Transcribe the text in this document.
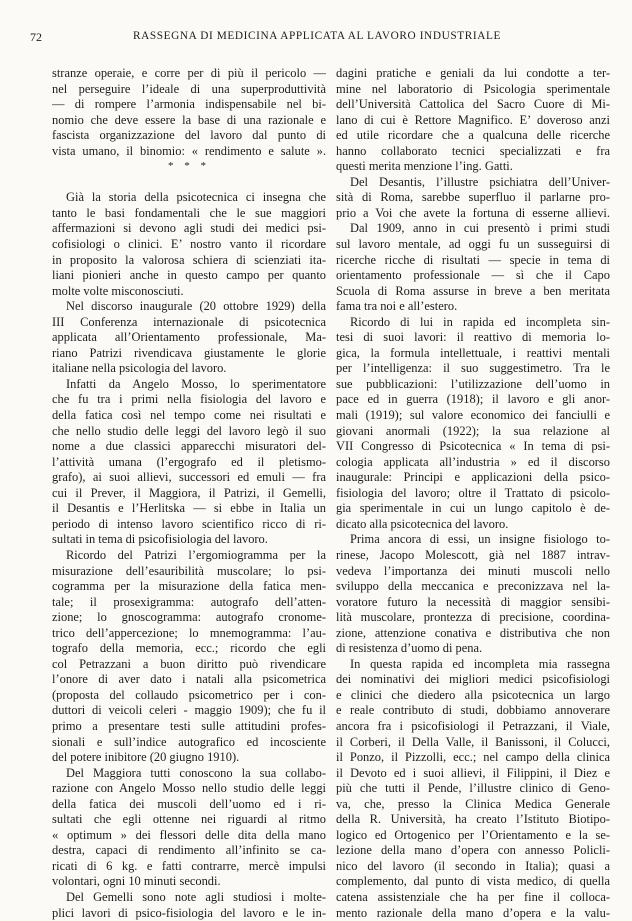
72	RASSEGNA DI MEDICINA APPLICATA AL LAVORO INDUSTRIALE
stranze operaie, e corre per di più il pericolo —
nel perseguire l’ideale di una superproduttività
— di rompere l’armonia indispensabile nel bi-
nomio che deve essere la base di una razionale e
fascista organizzazione del lavoro dal punto di
vista umano, il binomio: « rendimento e salute ».
* * *
Già la storia della psicotecnica ci insegna che
tanto le basi fondamentali che le sue maggiori
affermazioni si devono agli studi dei medici psi-
cofisiologi o clinici. E’ nostro vanto il ricordare
in proposito la valorosa schiera di scienziati ita-
liani pionieri anche in questo campo per quanto
molte volte misconosciuti.
Nel discorso inaugurale (20 ottobre 1929) della
III Conferenza internazionale di psicotecnica
applicata all’Orientamento professionale, Ma-
riano Patrizi rivendicava giustamente le glorie
italiane nella psicologia del lavoro.
Infatti da Angelo Mosso, lo sperimentatore
che fu tra i primi nella fisiologia del lavoro e
della fatica così nel tempo come nei risultati e
che nello studio delle leggi del lavoro legò il suo
nome a due classici apparecchi misuratori del-
l’attività umana (l’ergografo ed il pletismo-
grafo), ai suoi allievi, successori ed emuli — fra
cui il Prever, il Maggiora, il Patrizi, il Gemelli,
il Desantis e l’Herlitska — si ebbe in Italia un
periodo di intenso lavoro scientifico ricco di ri-
sultati in tema di psicofisiologia del lavoro.
Ricordo del Patrizi l’ergomiogramma per la
misurazione dell’esauribilità muscolare; lo psi-
cogramma per la misurazione della fatica men-
tale; il prosexigramma: autografo dell’atten-
zione; lo gnoscogramma: autografo cronome-
trico dell’appercezione; lo mnemogramma: l’au-
tografo della memoria, ecc.; ricordo che egli
col Petrazzani a buon diritto può rivendicare
l’onore di aver dato i natali alla psicometrica
(proposta del collaudo psicometrico per i con-
duttori di veicoli celeri - maggio 1909); che fu il
primo a presentare testi sulle attitudini profes-
sionali e sull’indice autografico ed incosciente
del potere inibitore (20 giugno 1910).
Del Maggiora tutti conoscono la sua collabo-
razione con Angelo Mosso nello studio delle leggi
della fatica dei muscoli dell’uomo ed i ri-
sultati che egli ottenne nei riguardi al ritmo
« optimum » dei flessori delle dita della mano
destra, capaci di rendimento all’infinito se ca-
ricati di 6 kg. e fatti contrarre, mercè impulsi
volontari, ogni 10 minuti secondi.
Del Gemelli sono note agli studiosi i molte-
plici lavori di psico-fisiologia del lavoro e le in-
dagini pratiche e geniali da lui condotte a ter-
mine nel laboratorio di Psicologia sperimentale
dell’Università Cattolica del Sacro Cuore di Mi-
lano di cui è Rettore Magnifico. E’ doveroso anzi
ed utile ricordare che a qualcuna delle ricerche
hanno collaborato tecnici specializzati e fra
questi merita menzione l’ing. Gatti.
Del Desantis, l’illustre psichiatra dell’Univer-
sità di Roma, sarebbe superfluo il parlarne pro-
prio a Voi che avete la fortuna di esserne allievi.
Dal 1909, anno in cui presentò i primi studi
sul lavoro mentale, ad oggi fu un susseguirsi di
ricerche ricche di risultati — specie in tema di
orientamento professionale — sì che il Capo
Scuola di Roma assurse in breve a ben meritata
fama tra noi e all’estero.
Ricordo di lui in rapida ed incompleta sin-
tesi di suoi lavori: il reattivo di memoria lo-
gica, la formula intellettuale, i reattivi mentali
per l’intelligenza: il suo suggestimetro. Tra le
sue pubblicazioni: l’utilizzazione dell’uomo in
pace ed in guerra (1918); il lavoro e gli anor-
mali (1919); sul valore economico dei fanciulli e
giovani anormali (1922); la sua relazione al
VII Congresso di Psicotecnica « In tema di psi-
cologia applicata all’industria » ed il discorso
inaugurale: Principi e applicazioni della psico-
fisiologia del lavoro; oltre il Trattato di psicolo-
gia sperimentale in cui un lungo capitolo è de-
dicato alla psicotecnica del lavoro.
Prima ancora di essi, un insigne fisiologo to-
rinese, Jacopo Molescott, già nel 1887 intrav-
vedeva l’importanza dei minuti muscoli nello
sviluppo della meccanica e preconizzava nel la-
voratore futuro la necessità di maggior sensibi-
lità muscolare, prontezza di precisione, coordina-
zione, attenzione conativa e distributiva che non
di resistenza d’uomo di pena.
In questa rapida ed incompleta mia rassegna
dei nominativi dei migliori medici psicofisiologi
e clinici che diedero alla psicotecnica un largo
e reale contributo di studi, dobbiamo annoverare
ancora fra i psicofisiologi il Petrazzani, il Viale,
il Corberi, il Della Valle, il Banissoni, il Colucci,
il Ponzo, il Pizzolli, ecc.; nel campo della clinica
il Devoto ed i suoi allievi, il Filippini, il Diez e
più che tutti il Pende, l’illustre clinico di Geno-
va, che, presso la Clinica Medica Generale
della R. Università, ha creato l’Istituto Biotipo-
logico ed Ortogenico per l’Orientamento e la se-
lezione della mano d’opera con annesso Policli-
nico del lavoro (il secondo in Italia); quasi a
complemento, dal punto di vista medico, di quella
catena assistenziale che ha per fine il colloca-
mento razionale della mano d’opera e la valu-
